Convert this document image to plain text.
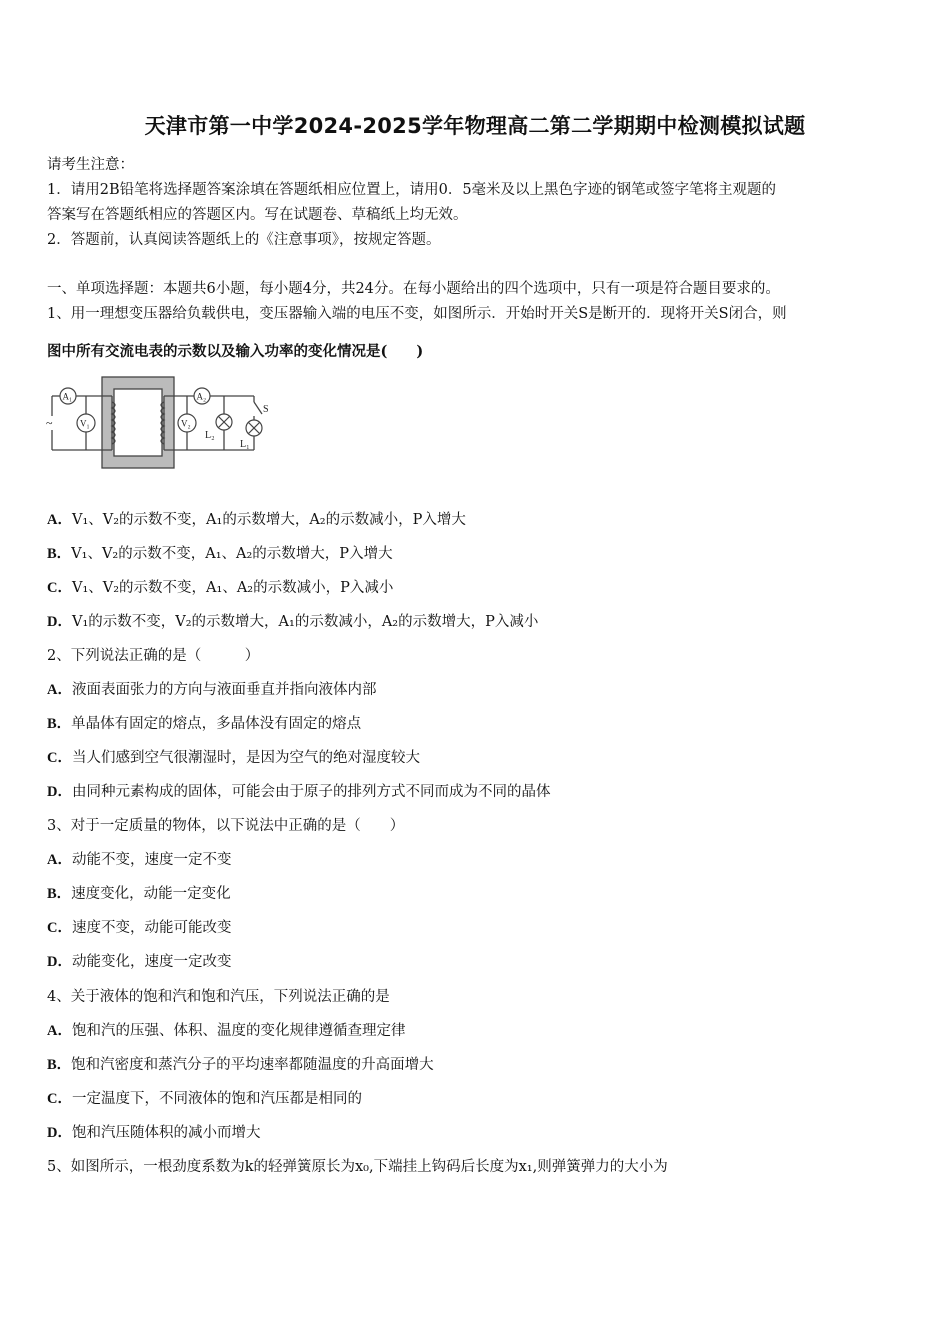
天津市第一中学2024-2025学年物理高二第二学期期中检测模拟试题
请考生注意：
1．请用2B铅笔将选择题答案涂填在答题纸相应位置上，请用0．5毫米及以上黑色字迹的钢笔或签字笔将主观题的
答案写在答题纸相应的答题区内。写在试题卷、草稿纸上均无效。
2．答题前，认真阅读答题纸上的《注意事项》，按规定答题。
一、单项选择题：本题共6小题，每小题4分，共24分。在每小题给出的四个选项中，只有一项是符合题目要求的。
1、用一理想变压器给负载供电，变压器输入端的电压不变，如图所示．开始时开关S是断开的．现将开关S闭合，则
图中所有交流电表的示数以及输入功率的变化情况是(　　)
A₁
V₁
A₂
V₂
L₂
L₁
S
~
A．V₁、V₂的示数不变，A₁的示数增大，A₂的示数减小，P入增大
B．V₁、V₂的示数不变，A₁、A₂的示数增大，P入增大
C．V₁、V₂的示数不变，A₁、A₂的示数减小，P入减小
D．V₁的示数不变，V₂的示数增大，A₁的示数减小，A₂的示数增大，P入减小
2、下列说法正确的是（　　　）
A．液面表面张力的方向与液面垂直并指向液体内部
B．单晶体有固定的熔点，多晶体没有固定的熔点
C．当人们感到空气很潮湿时，是因为空气的绝对湿度较大
D．由同种元素构成的固体，可能会由于原子的排列方式不同而成为不同的晶体
3、对于一定质量的物体，以下说法中正确的是（　　）
A．动能不变，速度一定不变
B．速度变化，动能一定变化
C．速度不变，动能可能改变
D．动能变化，速度一定改变
4、关于液体的饱和汽和饱和汽压，下列说法正确的是
A．饱和汽的压强、体积、温度的变化规律遵循查理定律
B．饱和汽密度和蒸汽分子的平均速率都随温度的升高面增大
C．一定温度下，不同液体的饱和汽压都是相同的
D．饱和汽压随体积的减小而增大
5、如图所示，一根劲度系数为k的轻弹簧原长为x₀,下端挂上钩码后长度为x₁,则弹簧弹力的大小为
